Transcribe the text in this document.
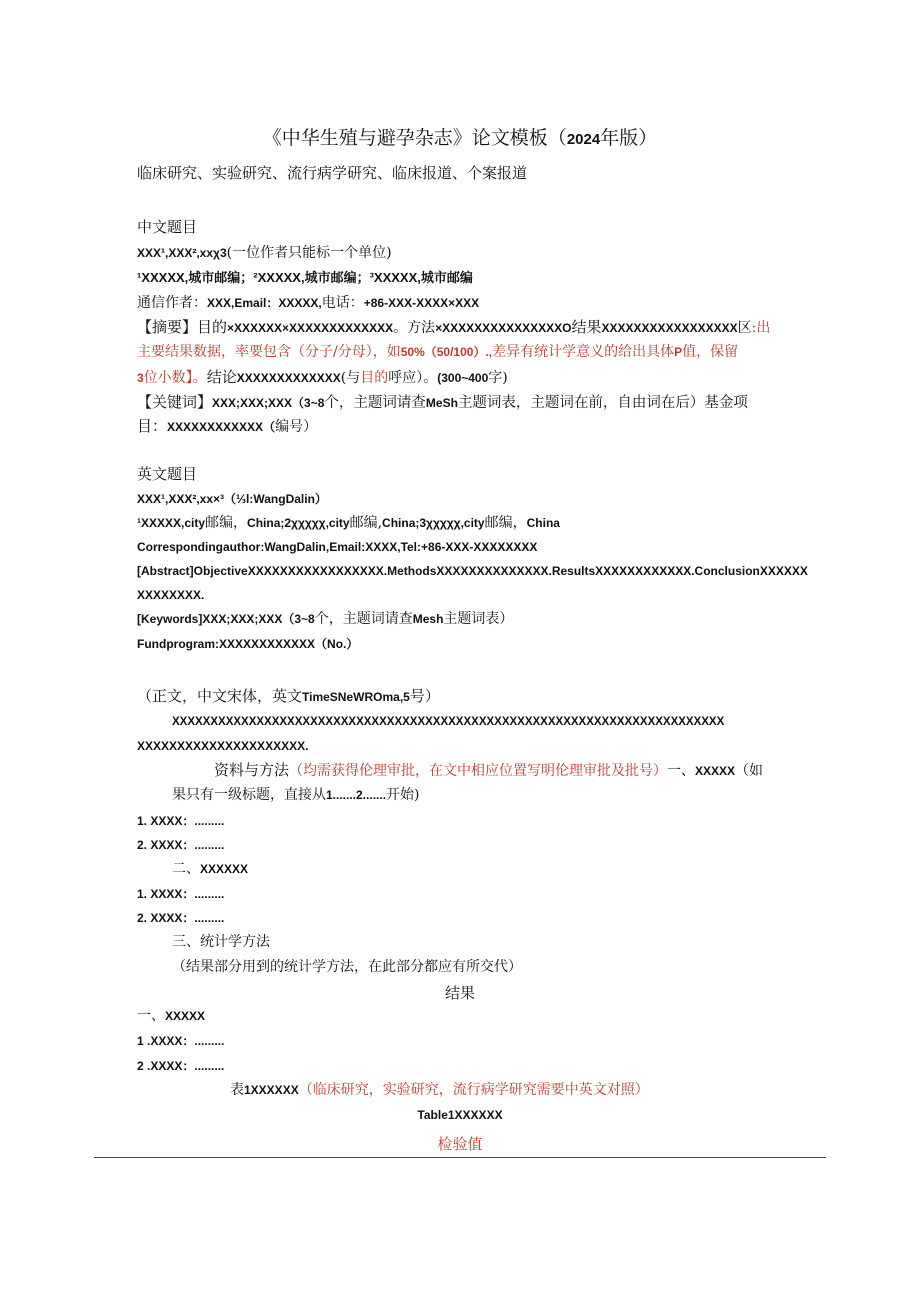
《中华生殖与避孕杂志》论文模板（2024年版）
临床研究、实验研究、流行病学研究、临床报道、个案报道
中文题目
XXX¹,XXX²,xxχ3(一位作者只能标一个单位)
¹XXXXX,城市邮编；²XXXXX,城市邮编；³XXXXX,城市邮编
通信作者：XXX,Email：XXXXX,电话：+86-XXX-XXXX×XXX
【摘要】目的×XXXXXX×XXXXXXXXXXXXX。方法×XXXXXXXXXXXXXXXO结果XXXXXXXXXXXXXXXXX区:出
主要结果数据，率要包含（分子/分母），如50%（50/100）.,差异有统计学意义的给出具体P值，保留
3位小数】。结论XXXXXXXXXXXXX(与目的呼应）。(300~400字)
【关键词】XXX;XXX;XXX（3~8个，主题词请查MeSh主题词表，主题词在前，自由词在后）基金项
目：XXXXXXXXXXXX（编号）
英文题目
XXX¹,XXX²,xx×³（⅓l:WangDalin）
¹XXXXX,city邮编，China;2χχχχχ,city邮编,China;3χχχχχ,city邮编，China
Correspondingauthor:WangDalin,Email:XXXX,Tel:+86-XXX-XXXXXXXX
[Abstract]ObjectiveXXXXXXXXXXXXXXXXX.MethodsXXXXXXXXXXXXXX.ResultsXXXXXXXXXXXX.ConclusionXXXXXX
XXXXXXXX.
[Keywords]XXX;XXX;XXX（3~8个，主题词请查Mesh主题词表）
Fundprogram:XXXXXXXXXXXX（No.）
（正文，中文宋体，英文TimeSNeWROma,5号）
XXXXXXXXXXXXXXXXXXXXXXXXXXXXXXXXXXXXXXXXXXXXXXXXXXXXXXXXXXXXXXXXXXXXXXXX
XXXXXXXXXXXXXXXXXXXXX.
资料与方法（均需获得伦理审批，在文中相应位置写明伦理审批及批号）一、XXXXX（如
果只有一级标题，直接从1.......2.......开始)
1. XXXX：.........
2. XXXX：.........
二、XXXXXX
1. XXXX：.........
2. XXXX：.........
三、统计学方法
（结果部分用到的统计学方法，在此部分都应有所交代）
结果
一、XXXXX
1 .XXXX：.........
2 .XXXX：.........
表1XXXXXX（临床研究，实验研究，流行病学研究需要中英文对照）
Table1XXXXXX
检验值
